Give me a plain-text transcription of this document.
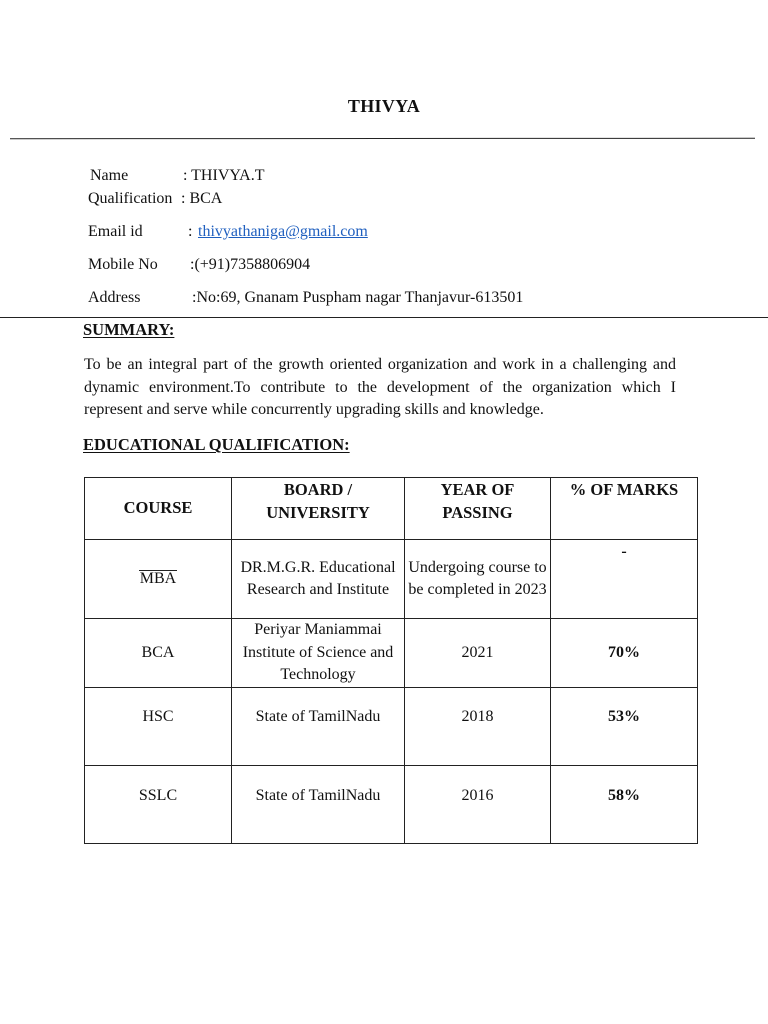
THIVYA
Name	: THIVYA.T
Qualification : BCA
Email id	: thivyathaniga@gmail.com
Mobile No :(+91)7358806904
Address	:No:69, Gnanam Puspham nagar Thanjavur-613501
SUMMARY:
To be an integral part of the growth oriented organization and work in a challenging and dynamic environment.To contribute to the development of the organization which I represent and serve while concurrently upgrading skills and knowledge.
EDUCATIONAL QUALIFICATION:
COURSE	BOARD / UNIVERSITY	YEAR OF PASSING	% OF MARKS

MBA	DR.M.G.R. Educational Research and Institute	Undergoing course to be completed in 2023	-
BCA	Periyar Maniammai Institute of Science and Technology	2021	70%
HSC	State of TamilNadu	2018	53%
SSLC	State of TamilNadu	2016	58%
